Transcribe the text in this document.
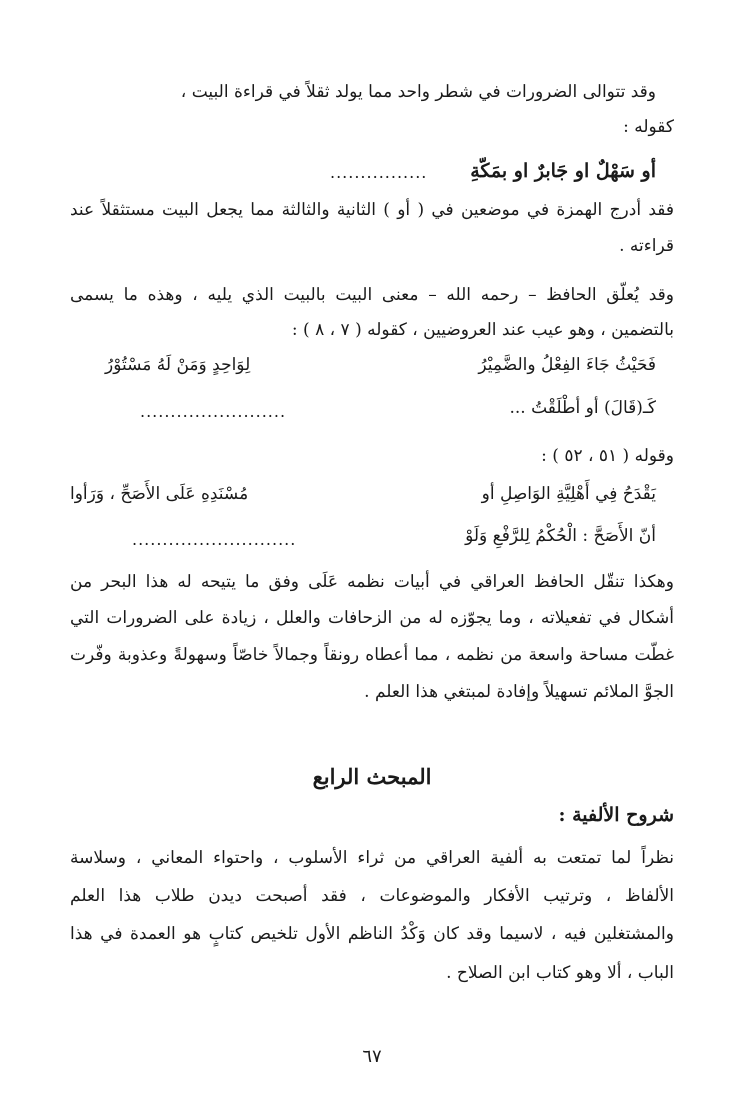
وقد تتوالى الضرورات في شطر واحد مما يولد ثقلاً في قراءة البيت ،
كقوله :
أو سَهْلٌ او جَابرٌ او بمَكّةِ
................
فقد أدرج الهمزة في موضعين في ( أو ) الثانية والثالثة مما يجعل البيت مستثقلاً عند
قراءته .
وقد يُعلّق الحافظ – رحمه الله – معنى البيت بالبيت الذي يليه ، وهذه ما يسمى
بالتضمين ، وهو عيب عند العروضيين ، كقوله ( ٧ ، ٨ ) :
فَحَيْثُ جَاءَ الفِعْلُ والضَّمِيْرُ
لِوَاحِدٍ وَمَنْ لَهُ مَسْتُوْرُ
كَـ(قَالَ) أو أطْلَقْتُ ...
........................
وقوله ( ٥١ ، ٥٢ ) :
يَقْدَحُ فِي أَهْلِيَّةِ الوَاصِلِ أو
مُسْنَدِهِ عَلَى الأَصَحِّ ، وَرَأوا
أنّ الأَصَحَّ : الْحُكْمُ لِلرَّفْعِ وَلَوْ
...........................
وهكذا تنقّل الحافظ العراقي في أبيات نظمه عَلَى وفق ما يتيحه له هذا البحر من
أشكال في تفعيلاته ، وما يجوّزه له من الزحافات والعلل ، زيادة على الضرورات التي
غطّت مساحة واسعة من نظمه ، مما أعطاه رونقاً وجمالاً خاصّاً وسهولةً وعذوبة وفّرت
الجوَّ الملائم تسهيلاً وإفادة لمبتغي هذا العلم .
المبحث الرابع
شروح الألفية :
نظراً لما تمتعت به ألفية العراقي من ثراء الأسلوب ، واحتواء المعاني ، وسلاسة
الألفاظ ، وترتيب الأفكار والموضوعات ، فقد أصبحت ديدن طلاب هذا العلم
والمشتغلين فيه ، لاسيما وقد كان وَكْدُ الناظم الأول تلخيص كتابٍ هو العمدة في هذا
الباب ، ألا وهو كتاب ابن الصلاح .
٦٧
